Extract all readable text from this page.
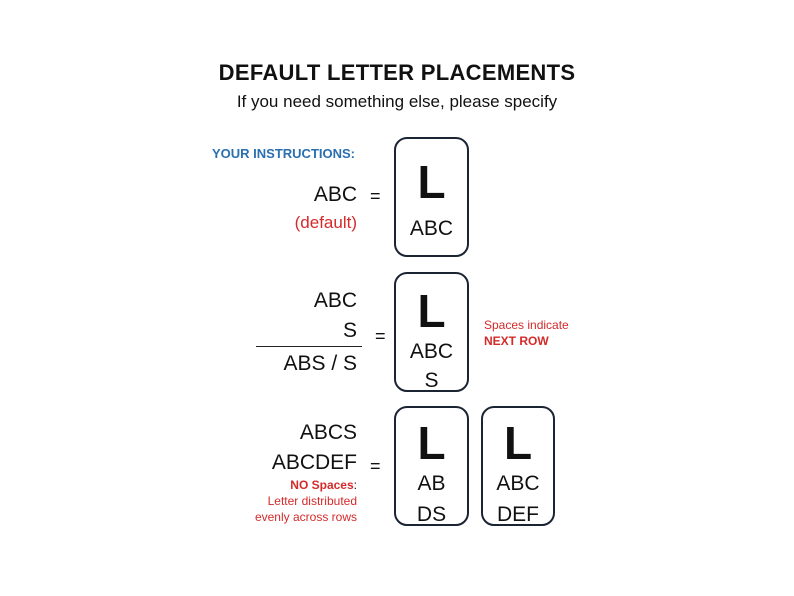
DEFAULT LETTER PLACEMENTS
If you need something else, please specify
YOUR INSTRUCTIONS:
ABC
(default)
= L
ABC
ABC
S
ABS / S
= L
ABC
S
Spaces indicate
NEXT ROW
ABCS
ABCDEF
NO Spaces:
Letter distributed
evenly across rows
= L
AB
DS
L
ABC
DEF
